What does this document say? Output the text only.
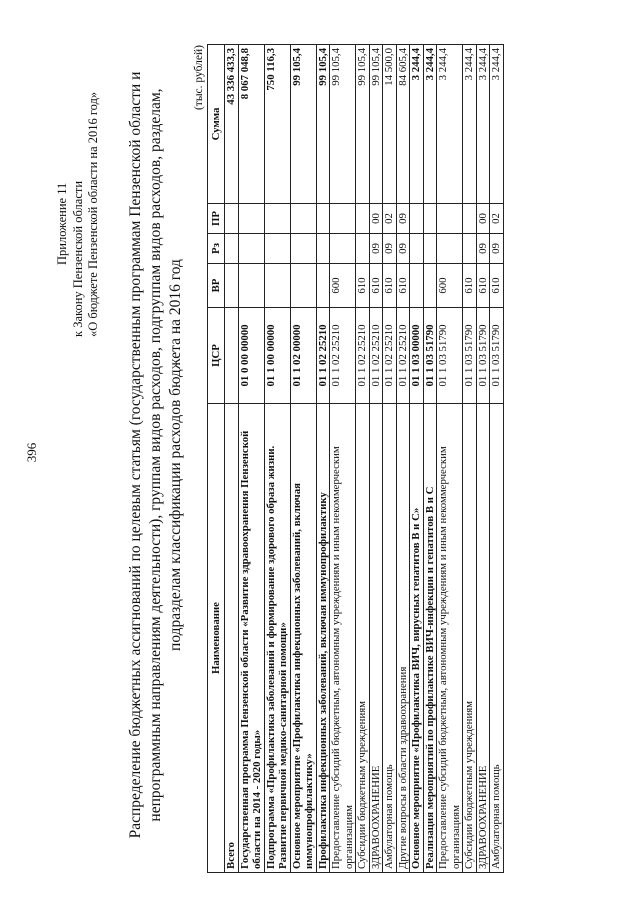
396
Приложение 11 к Закону Пензенской области «О бюджете Пензенской области на 2016 год» Распределение бюджетных ассигнований по целевым статьям (государственным программам Пензенской области и непрограммным направлениям деятельности), группам видов расходов, подгруппам видов расходов, разделам, подразделам классификации расходов бюджета на 2016 год
(тыс. рублей)
Наименование	ЦСР	ВР	Рз	ПР	Сумма
Всего					43 336 433,3
Государственная программа Пензенской области «Развитие здравоохранения Пензенской области на 2014 - 2020 годы»	01 0 00 00000				8 067 048,8
Подпрограмма «Профилактика заболеваний и формирование здорового образа жизни. Развитие первичной медико-санитарной помощи»	01 1 00 00000				750 116,3
Основное мероприятие «Профилактика инфекционных заболеваний, включая иммунопрофилактику»	01 1 02 00000				99 105,4
Профилактика инфекционных заболеваний, включая иммунопрофилактику	01 1 02 25210				99 105,4
Предоставление субсидий бюджетным, автономным учреждениям и иным некоммерческим организациям	01 1 02 25210	600			99 105,4
Субсидии бюджетным учреждениям	01 1 02 25210	610			99 105,4
ЗДРАВООХРАНЕНИЕ	01 1 02 25210	610	09	00	99 105,4
Амбулаторная помощь	01 1 02 25210	610	09	02	14 500,0
Другие вопросы в области здравоохранения	01 1 02 25210	610	09	09	84 605,4
Основное мероприятие «Профилактика ВИЧ, вирусных гепатитов В и С»	01 1 03 00000				3 244,4
Реализация мероприятий по профилактике ВИЧ-инфекции и гепатитов В и С	01 1 03 51790				3 244,4
Предоставление субсидий бюджетным, автономным учреждениям и иным некоммерческим организациям	01 1 03 51790	600			3 244,4
Субсидии бюджетным учреждениям	01 1 03 51790	610			3 244,4
ЗДРАВООХРАНЕНИЕ	01 1 03 51790	610	09	00	3 244,4
Амбулаторная помощь	01 1 03 51790	610	09	02	3 244,4
